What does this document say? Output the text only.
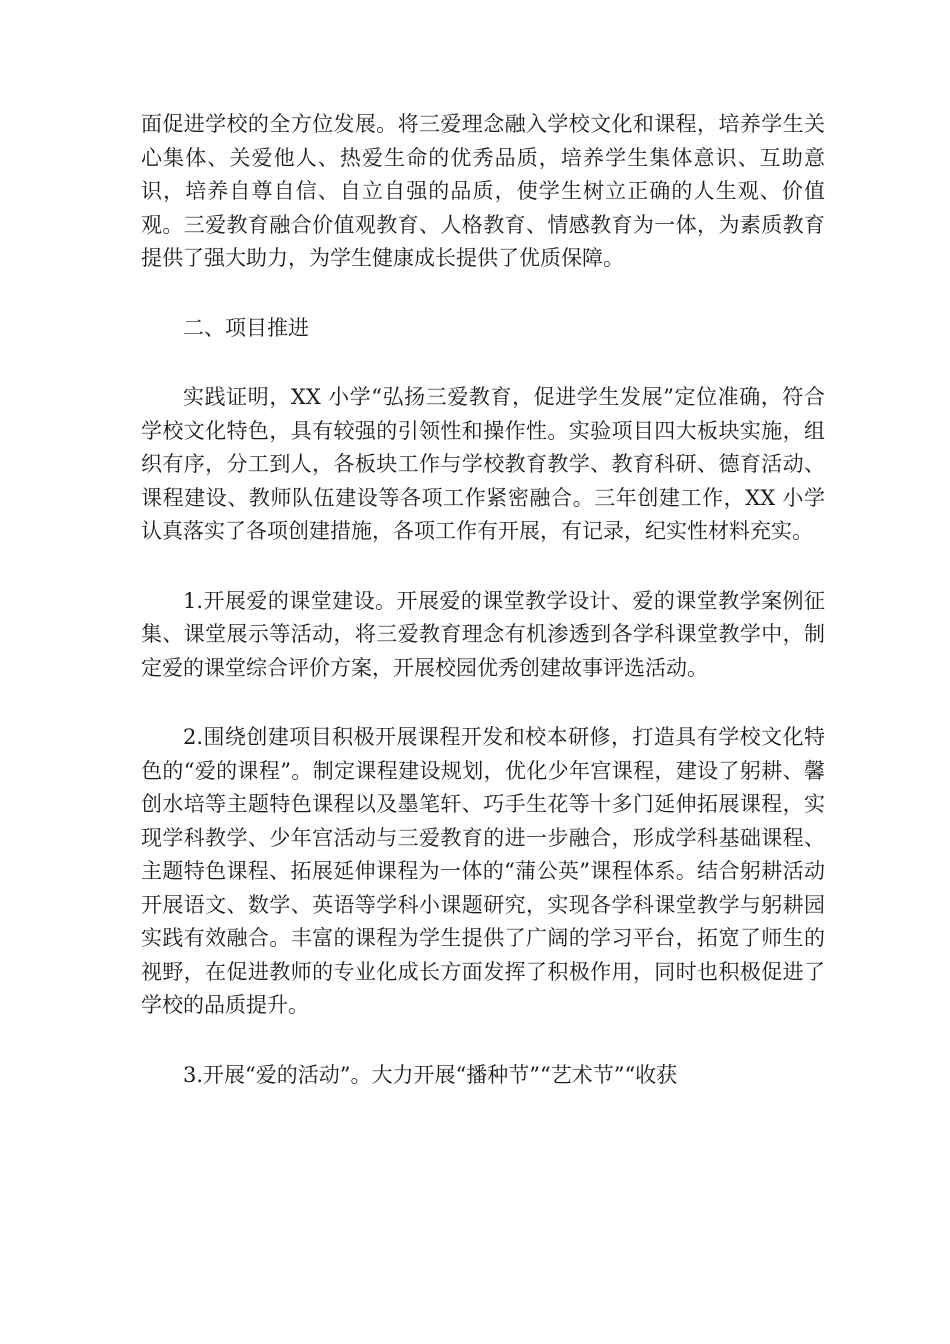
面促进学校的全方位发展。将三爱理念融入学校文化和课程，培养学生关心集体、关爱他人、热爱生命的优秀品质，培养学生集体意识、互助意识，培养自尊自信、自立自强的品质，使学生树立正确的人生观、价值观。三爱教育融合价值观教育、人格教育、情感教育为一体，为素质教育提供了强大助力，为学生健康成长提供了优质保障。

二、项目推进

实践证明，XX 小学“弘扬三爱教育，促进学生发展”定位准确，符合学校文化特色，具有较强的引领性和操作性。实验项目四大板块实施，组织有序，分工到人，各板块工作与学校教育教学、教育科研、德育活动、课程建设、教师队伍建设等各项工作紧密融合。三年创建工作，XX 小学认真落实了各项创建措施，各项工作有开展，有记录，纪实性材料充实。

1.开展爱的课堂建设。开展爱的课堂教学设计、爱的课堂教学案例征集、课堂展示等活动，将三爱教育理念有机渗透到各学科课堂教学中，制定爱的课堂综合评价方案，开展校园优秀创建故事评选活动。

2.围绕创建项目积极开展课程开发和校本研修，打造具有学校文化特色的“爱的课程”。制定课程建设规划，优化少年宫课程，建设了躬耕、馨创水培等主题特色课程以及墨笔轩、巧手生花等十多门延伸拓展课程，实现学科教学、少年宫活动与三爱教育的进一步融合，形成学科基础课程、主题特色课程、拓展延伸课程为一体的“蒲公英”课程体系。结合躬耕活动开展语文、数学、英语等学科小课题研究，实现各学科课堂教学与躬耕园实践有效融合。丰富的课程为学生提供了广阔的学习平台，拓宽了师生的视野，在促进教师的专业化成长方面发挥了积极作用，同时也积极促进了学校的品质提升。

3.开展“爱的活动”。大力开展“播种节”“艺术节”“收获
